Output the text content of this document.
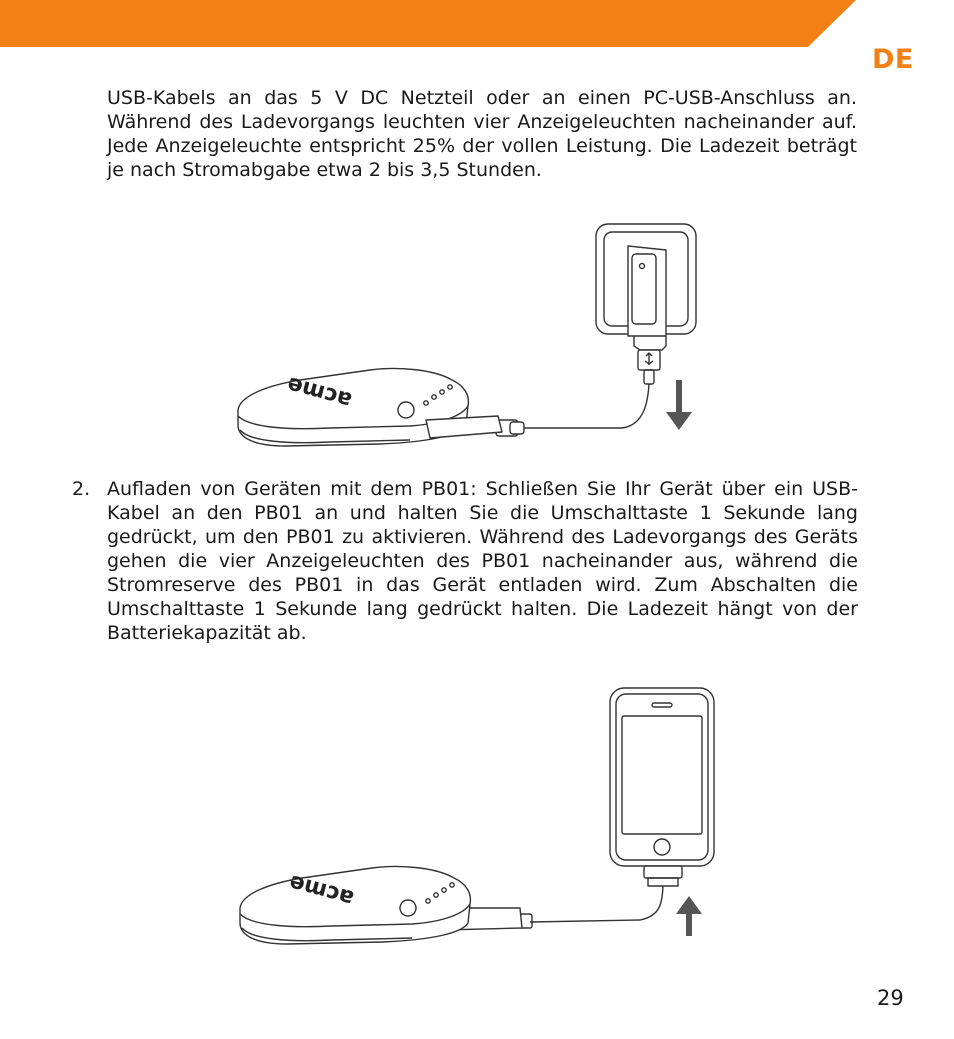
DE

USB-Kabels an das 5 V DC Netzteil oder an einen PC-USB-Anschluss an. Während des Ladevorgangs leuchten vier Anzeigeleuchten nacheinander auf. Jede Anzeigeleuchte entspricht 25% der vollen Leistung. Die Ladezeit beträgt je nach Stromabgabe etwa 2 bis 3,5 Stunden.

acme
2. Aufladen von Geräten mit dem PB01: Schließen Sie Ihr Gerät über ein USB-Kabel an den PB01 an und halten Sie die Umschalttaste 1 Sekunde lang gedrückt, um den PB01 zu aktivieren. Während des Ladevorgangs des Geräts gehen die vier Anzeigeleuchten des PB01 nacheinander aus, während die Stromreserve des PB01 in das Gerät entladen wird. Zum Abschalten die Umschalttaste 1 Sekunde lang gedrückt halten. Die Ladezeit hängt von der Batteriekapazität ab.

acme
29
